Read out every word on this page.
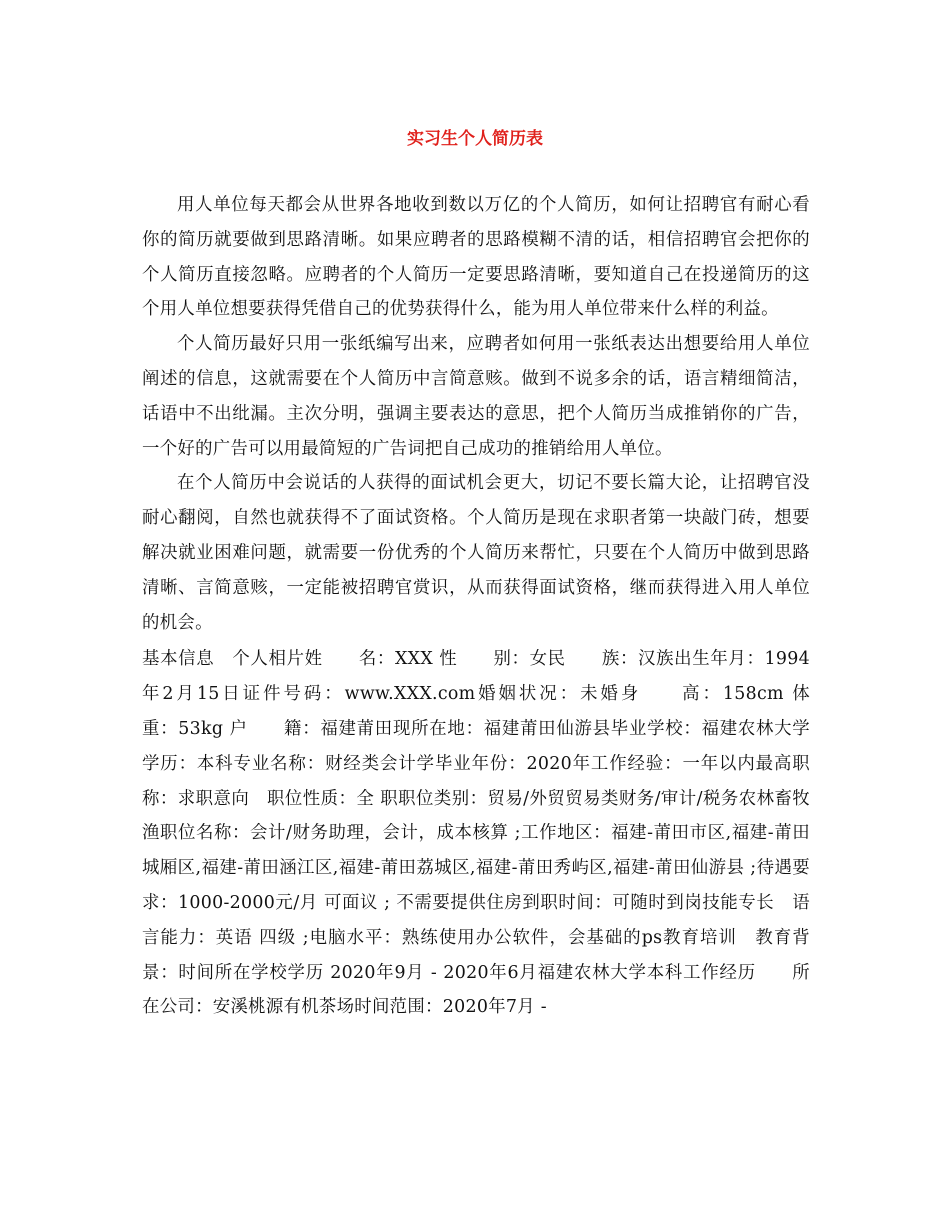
实习生个人简历表

用人单位每天都会从世界各地收到数以万亿的个人简历，如何让招聘官有耐心看你的简历就要做到思路清晰。如果应聘者的思路模糊不清的话，相信招聘官会把你的个人简历直接忽略。应聘者的个人简历一定要思路清晰，要知道自己在投递简历的这个用人单位想要获得凭借自己的优势获得什么，能为用人单位带来什么样的利益。

个人简历最好只用一张纸编写出来，应聘者如何用一张纸表达出想要给用人单位阐述的信息，这就需要在个人简历中言简意赅。做到不说多余的话，语言精细简洁，话语中不出纰漏。主次分明，强调主要表达的意思，把个人简历当成推销你的广告，一个好的广告可以用最简短的广告词把自己成功的推销给用人单位。

在个人简历中会说话的人获得的面试机会更大，切记不要长篇大论，让招聘官没耐心翻阅，自然也就获得不了面试资格。个人简历是现在求职者第一块敲门砖，想要解决就业困难问题，就需要一份优秀的个人简历来帮忙，只要在个人简历中做到思路清晰、言简意赅，一定能被招聘官赏识，从而获得面试资格，继而获得进入用人单位的机会。

基本信息　个人相片姓　　名：XXX 性　　别：女民　　族：汉族出生年月：1994年2月15日证件号码：www.XXX.com婚姻状况：未婚身　　高：158cm 体　　重：53kg 户　　籍：福建莆田现所在地：福建莆田仙游县毕业学校：福建农林大学学历：本科专业名称：财经类会计学毕业年份：2020年工作经验：一年以内最高职称：求职意向　职位性质：全 职职位类别：贸易/外贸贸易类财务/审计/税务农林畜牧渔职位名称：会计/财务助理，会计，成本核算 ;工作地区：福建-莆田市区,福建-莆田城厢区,福建-莆田涵江区,福建-莆田荔城区,福建-莆田秀屿区,福建-莆田仙游县 ;待遇要求：1000-2000元/月 可面议 ; 不需要提供住房到职时间：可随时到岗技能专长　语言能力：英语 四级 ;电脑水平：熟练使用办公软件，会基础的ps教育培训　教育背景：时间所在学校学历 2020年9月 - 2020年6月福建农林大学本科工作经历　　所在公司：安溪桃源有机茶场时间范围：2020年7月 -
